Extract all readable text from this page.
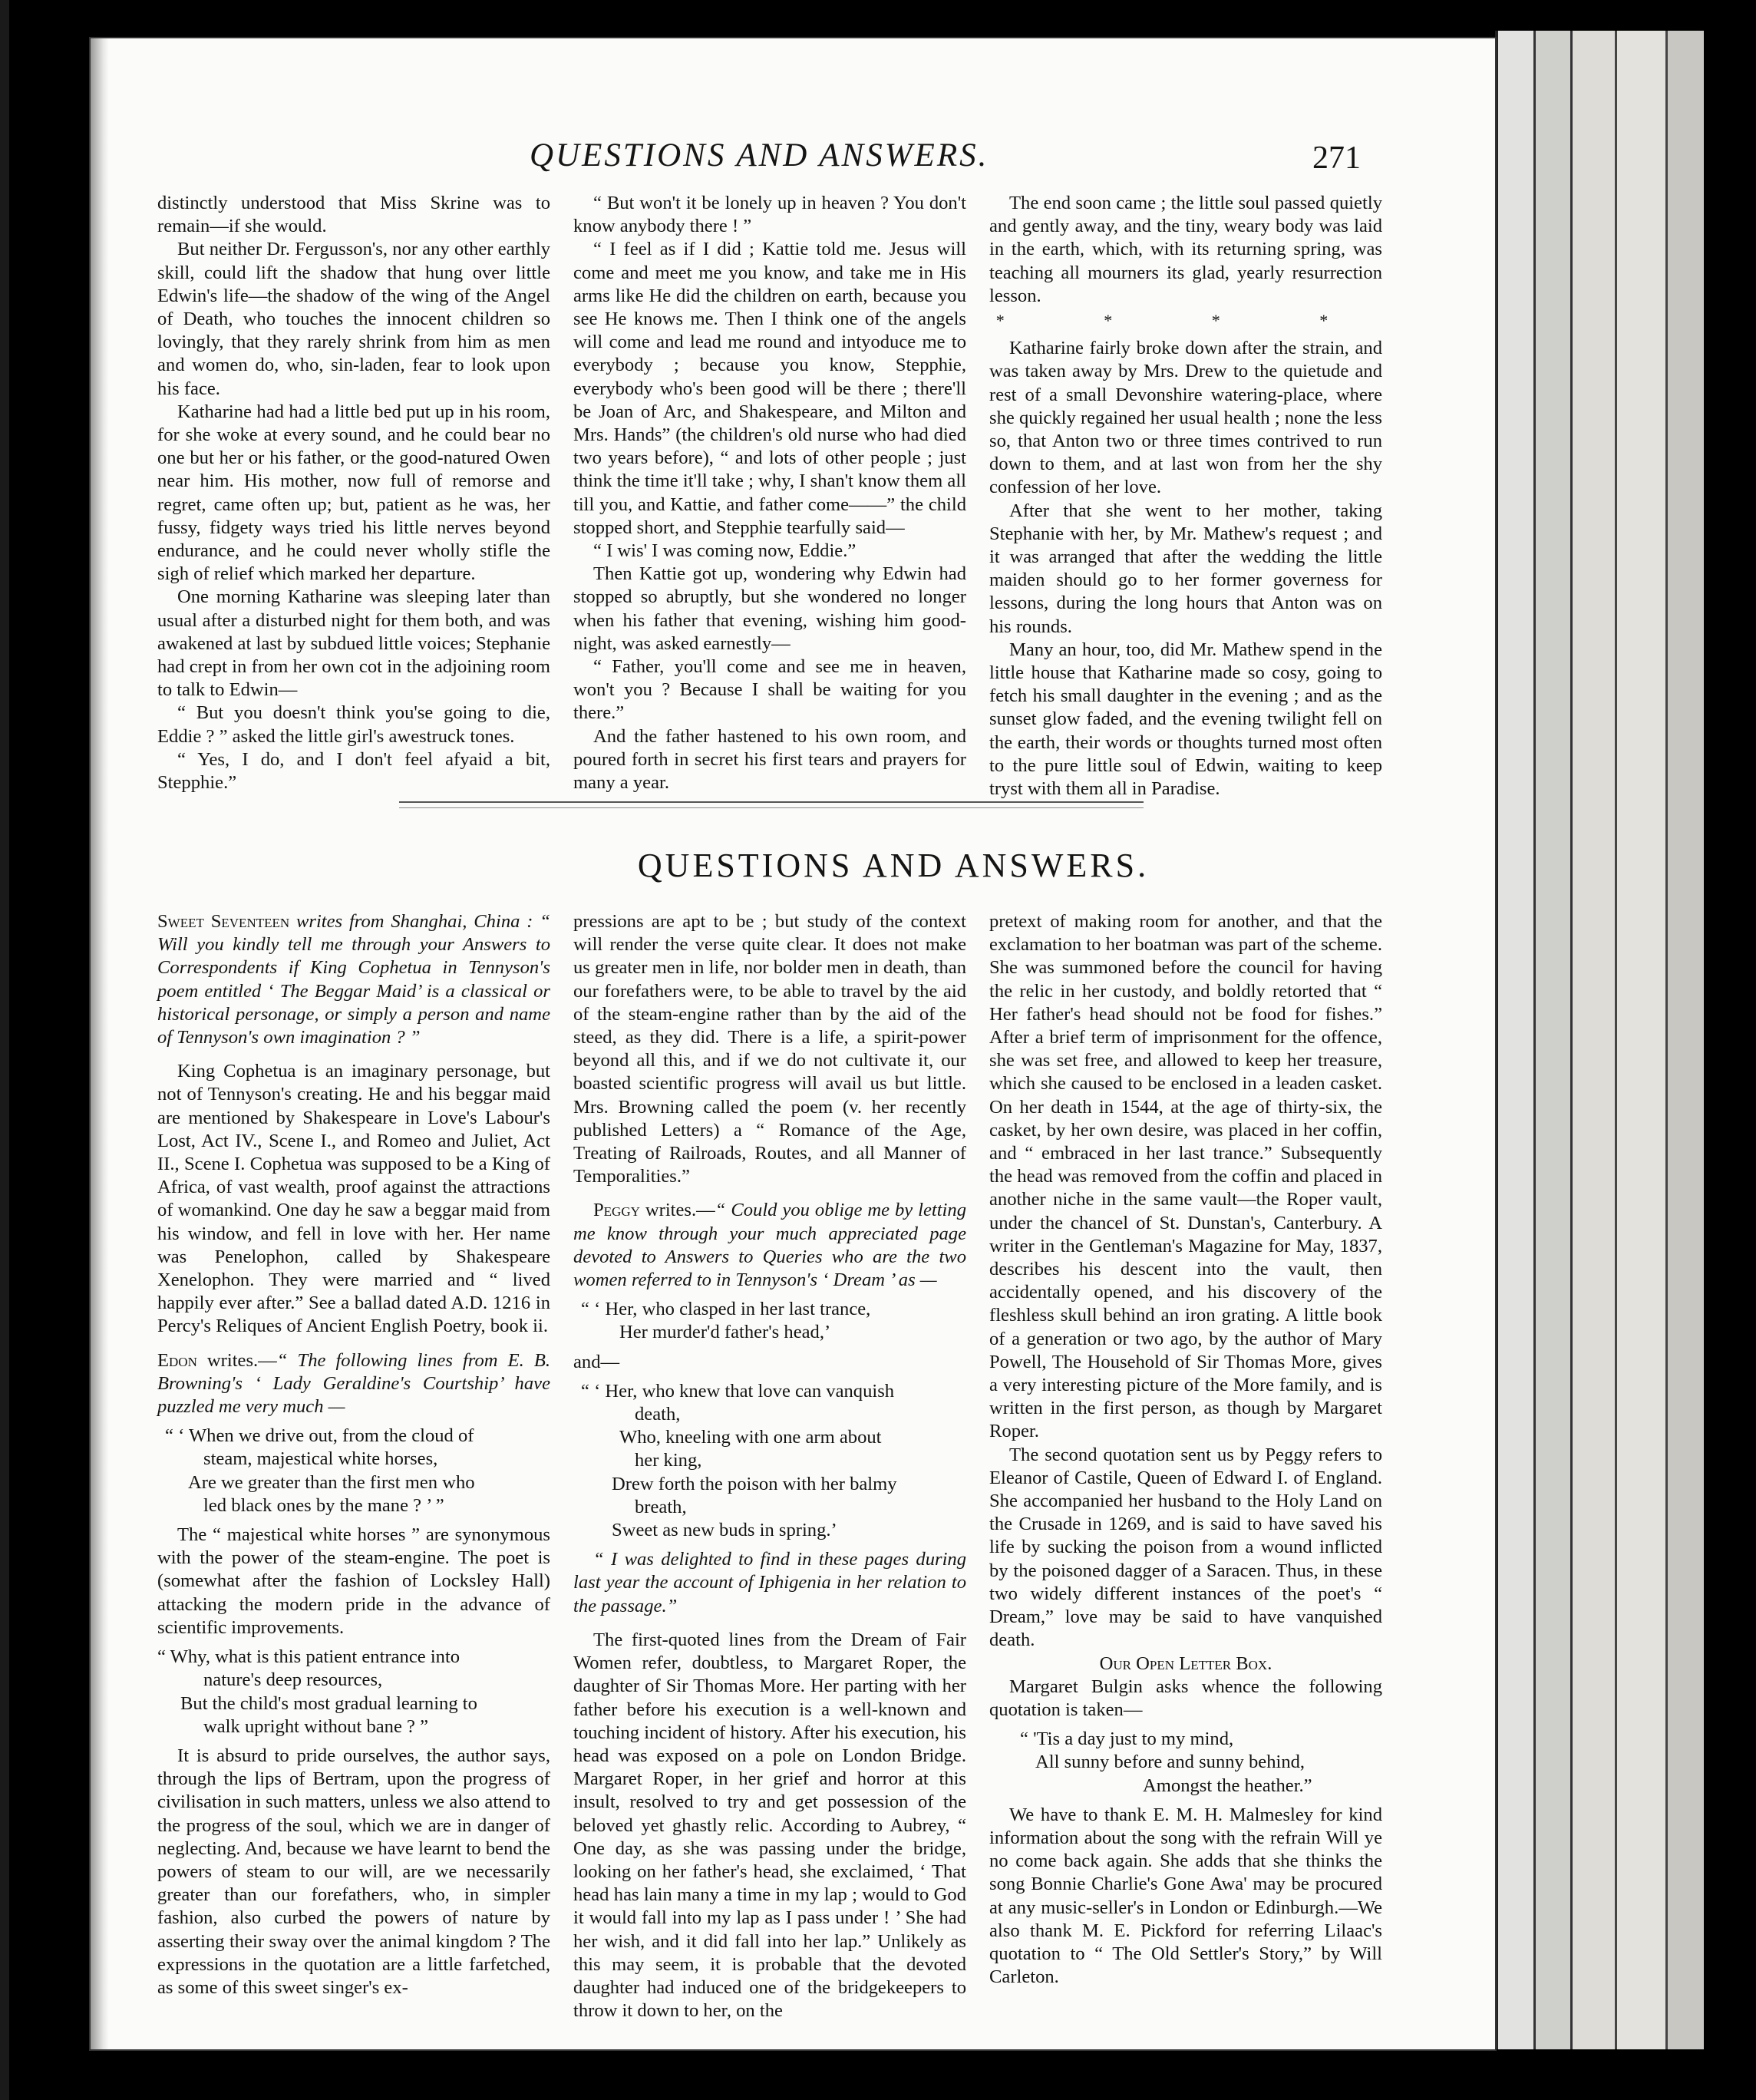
QUESTIONS AND ANSWERS.	271

distinctly understood that Miss Skrine was to remain—if she would.

But neither Dr. Fergusson's, nor any other earthly skill, could lift the shadow that hung over little Edwin's life—the shadow of the wing of the Angel of Death, who touches the innocent children so lovingly, that they rarely shrink from him as men and women do, who, sin-laden, fear to look upon his face.

Katharine had had a little bed put up in his room, for she woke at every sound, and he could bear no one but her or his father, or the good-natured Owen near him. His mother, now full of remorse and regret, came often up; but, patient as he was, her fussy, fidgety ways tried his little nerves beyond endurance, and he could never wholly stifle the sigh of relief which marked her departure.

One morning Katharine was sleeping later than usual after a disturbed night for them both, and was awakened at last by subdued little voices; Stephanie had crept in from her own cot in the adjoining room to talk to Edwin—

“ But you doesn't think you'se going to die, Eddie ? ” asked the little girl's awestruck tones.

“ Yes, I do, and I don't feel afyaid a bit, Stepphie.”

“ But won't it be lonely up in heaven ? You don't know anybody there ! ”

“ I feel as if I did ; Kattie told me. Jesus will come and meet me you know, and take me in His arms like He did the children on earth, because you see He knows me. Then I think one of the angels will come and lead me round and intyoduce me to everybody ; because you know, Stepphie, everybody who's been good will be there ; there'll be Joan of Arc, and Shakespeare, and Milton and Mrs. Hands” (the children's old nurse who had died two years before), “ and lots of other people ; just think the time it'll take ; why, I shan't know them all till you, and Kattie, and father come——” the child stopped short, and Stepphie tearfully said—

“ I wis' I was coming now, Eddie.”

Then Kattie got up, wondering why Edwin had stopped so abruptly, but she wondered no longer when his father that evening, wishing him good-night, was asked earnestly—

“ Father, you'll come and see me in heaven, won't you ? Because I shall be waiting for you there.”

And the father hastened to his own room, and poured forth in secret his first tears and prayers for many a year.

The end soon came ; the little soul passed quietly and gently away, and the tiny, weary body was laid in the earth, which, with its returning spring, was teaching all mourners its glad, yearly resurrection lesson.

* * * *

Katharine fairly broke down after the strain, and was taken away by Mrs. Drew to the quietude and rest of a small Devonshire watering-place, where she quickly regained her usual health ; none the less so, that Anton two or three times contrived to run down to them, and at last won from her the shy confession of her love.

After that she went to her mother, taking Stephanie with her, by Mr. Mathew's request ; and it was arranged that after the wedding the little maiden should go to her former governess for lessons, during the long hours that Anton was on his rounds.

Many an hour, too, did Mr. Mathew spend in the little house that Katharine made so cosy, going to fetch his small daughter in the evening ; and as the sunset glow faded, and the evening twilight fell on the earth, their words or thoughts turned most often to the pure little soul of Edwin, waiting to keep tryst with them all in Paradise.

QUESTIONS AND ANSWERS.

Sweet Seventeen writes from Shanghai, China : “ Will you kindly tell me through your Answers to Correspondents if King Cophetua in Tennyson's poem entitled ‘ The Beggar Maid’ is a classical or historical personage, or simply a person and name of Tennyson's own imagination ? ”

King Cophetua is an imaginary personage, but not of Tennyson's creating. He and his beggar maid are mentioned by Shakespeare in Love's Labour's Lost, Act IV., Scene I., and Romeo and Juliet, Act II., Scene I. Cophetua was supposed to be a King of Africa, of vast wealth, proof against the attractions of womankind. One day he saw a beggar maid from his window, and fell in love with her. Her name was Penelophon, called by Shakespeare Xenelophon. They were married and “ lived happily ever after.” See a ballad dated A.D. 1216 in Percy's Reliques of Ancient English Poetry, book ii.

Edon writes.—“ The following lines from E. B. Browning's ‘ Lady Geraldine's Courtship’ have puzzled me very much —

“ ‘ When we drive out, from the cloud of
steam, majestical white horses,
Are we greater than the first men who
led black ones by the mane ? ’ ”

The “ majestical white horses ” are synonymous with the power of the steam-engine. The poet is (somewhat after the fashion of Locksley Hall) attacking the modern pride in the advance of scientific improvements.

“ Why, what is this patient entrance into
nature's deep resources,
But the child's most gradual learning to
walk upright without bane ? ”

It is absurd to pride ourselves, the author says, through the lips of Bertram, upon the progress of civilisation in such matters, unless we also attend to the progress of the soul, which we are in danger of neglecting. And, because we have learnt to bend the powers of steam to our will, are we necessarily greater than our forefathers, who, in simpler fashion, also curbed the powers of nature by asserting their sway over the animal kingdom ? The expressions in the quotation are a little farfetched, as some of this sweet singer's ex-

pressions are apt to be ; but study of the context will render the verse quite clear. It does not make us greater men in life, nor bolder men in death, than our forefathers were, to be able to travel by the aid of the steam-engine rather than by the aid of the steed, as they did. There is a life, a spirit-power beyond all this, and if we do not cultivate it, our boasted scientific progress will avail us but little. Mrs. Browning called the poem (v. her recently published Letters) a “ Romance of the Age, Treating of Railroads, Routes, and all Manner of Temporalities.”

Peggy writes.—“ Could you oblige me by letting me know through your much appreciated page devoted to Answers to Queries who are the two women referred to in Tennyson's ‘ Dream ’ as —

“ ‘ Her, who clasped in her last trance,
Her murder'd father's head,’
and—
“ ‘ Her, who knew that love can vanquish
death,
Who, kneeling with one arm about
her king,
Drew forth the poison with her balmy
breath,
Sweet as new buds in spring.’

“ I was delighted to find in these pages during last year the account of Iphigenia in her relation to the passage.”

The first-quoted lines from the Dream of Fair Women refer, doubtless, to Margaret Roper, the daughter of Sir Thomas More. Her parting with her father before his execution is a well-known and touching incident of history. After his execution, his head was exposed on a pole on London Bridge. Margaret Roper, in her grief and horror at this insult, resolved to try and get possession of the beloved yet ghastly relic. According to Aubrey, “ One day, as she was passing under the bridge, looking on her father's head, she exclaimed, ‘ That head has lain many a time in my lap ; would to God it would fall into my lap as I pass under ! ’ She had her wish, and it did fall into her lap.” Unlikely as this may seem, it is probable that the devoted daughter had induced one of the bridgekeepers to throw it down to her, on the

pretext of making room for another, and that the exclamation to her boatman was part of the scheme. She was summoned before the council for having the relic in her custody, and boldly retorted that “ Her father's head should not be food for fishes.” After a brief term of imprisonment for the offence, she was set free, and allowed to keep her treasure, which she caused to be enclosed in a leaden casket. On her death in 1544, at the age of thirty-six, the casket, by her own desire, was placed in her coffin, and “ embraced in her last trance.” Subsequently the head was removed from the coffin and placed in another niche in the same vault—the Roper vault, under the chancel of St. Dunstan's, Canterbury. A writer in the Gentleman's Magazine for May, 1837, describes his descent into the vault, then accidentally opened, and his discovery of the fleshless skull behind an iron grating. A little book of a generation or two ago, by the author of Mary Powell, The Household of Sir Thomas More, gives a very interesting picture of the More family, and is written in the first person, as though by Margaret Roper.

The second quotation sent us by Peggy refers to Eleanor of Castile, Queen of Edward I. of England. She accompanied her husband to the Holy Land on the Crusade in 1269, and is said to have saved his life by sucking the poison from a wound inflicted by the poisoned dagger of a Saracen. Thus, in these two widely different instances of the poet's “ Dream,” love may be said to have vanquished death.

Our Open Letter Box.

Margaret Bulgin asks whence the following quotation is taken—

“ 'Tis a day just to my mind,
All sunny before and sunny behind,
Amongst the heather.”

We have to thank E. M. H. Malmesley for kind information about the song with the refrain Will ye no come back again. She adds that she thinks the song Bonnie Charlie's Gone Awa' may be procured at any music-seller's in London or Edinburgh.—We also thank M. E. Pickford for referring Lilaac's quotation to “ The Old Settler's Story,” by Will Carleton.
